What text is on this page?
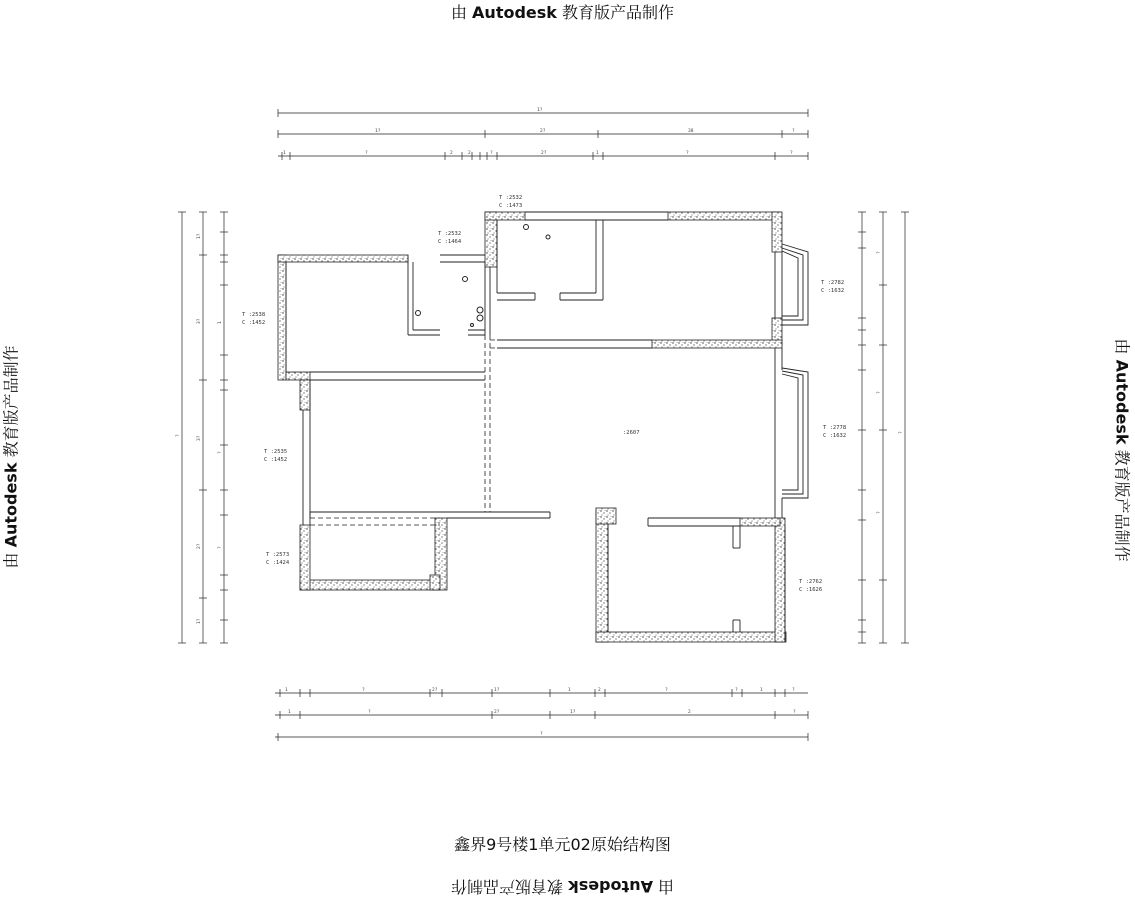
由 Autodesk 教育版产品制作
由 Autodesk 教育版产品制作	由 Autodesk 教育版产品制作
由 Autodesk 教育版产品制作
鑫界9号楼1单元02原始结构图
1?
1?	2?	38	?
1	?	2	2	?	2?	1	?	?
1	?	2?	1?	1	2	?	?	1	?
1	?	2?	1?	2	?
?
?
1?
3?
3?
2?
1?
1
?
?
?
?
?
?
T :2532
C :1473
T :2532
C :1464
T :2538
C :1452
T :2782
C :1632
T :2778
C :1632
T :2535
C :1452
T :2573
C :1424
T :2762
C :1626
:2607
